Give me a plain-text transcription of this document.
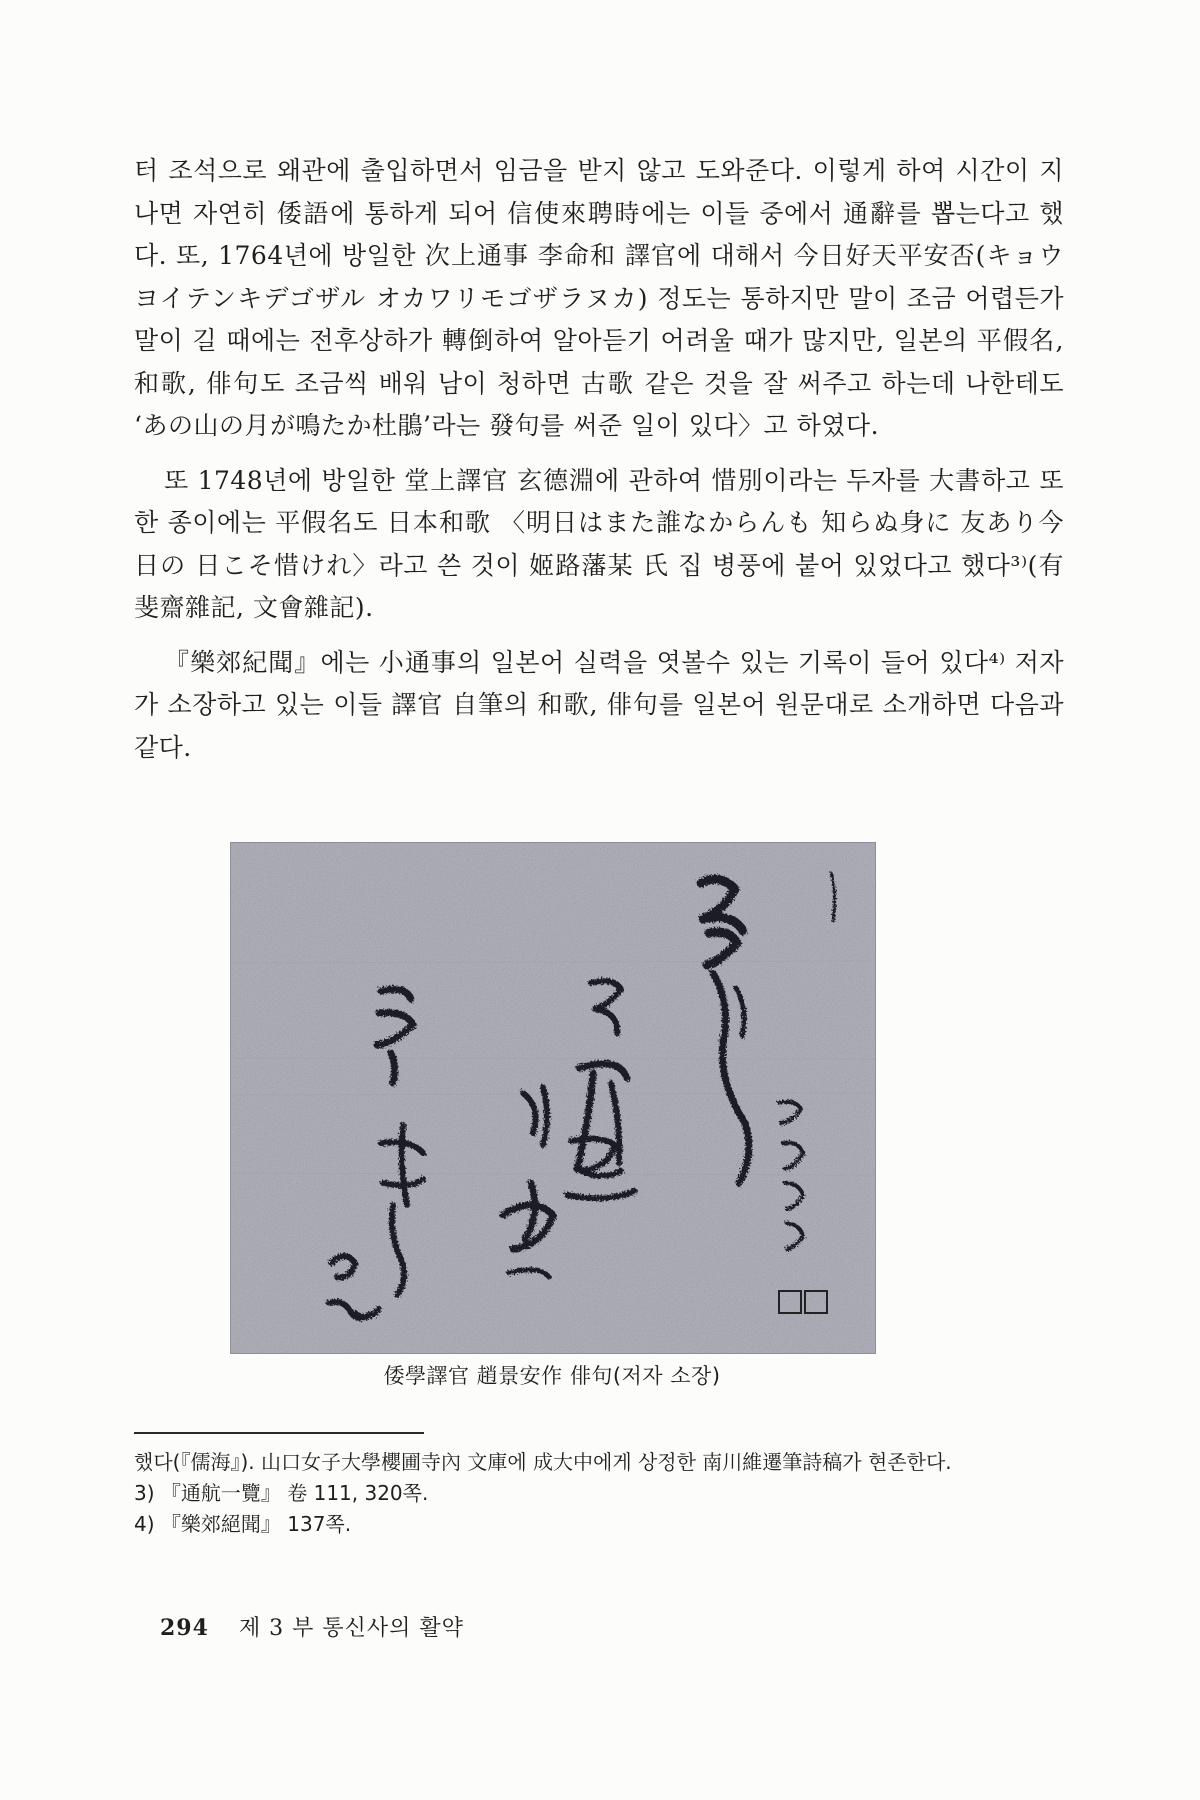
터 조석으로 왜관에 출입하면서 임금을 받지 않고 도와준다. 이렇게 하여 시간이 지나면 자연히 倭語에 통하게 되어 信使來聘時에는 이들 중에서 通辭를 뽑는다고 했다. 또, 1764년에 방일한 次上通事 李命和 譯官에 대해서 今日好天平安否(キョウヨイテンキデゴザル オカワリモゴザラヌカ) 정도는 통하지만 말이 조금 어렵든가 말이 길 때에는 전후상하가 轉倒하여 알아듣기 어려울 때가 많지만, 일본의 平假名, 和歌, 俳句도 조금씩 배워 남이 청하면 古歌 같은 것을 잘 써주고 하는데 나한테도 ‘あの山の月が鳴たか杜鵑’라는 發句를 써준 일이 있다〉고 하였다.

또 1748년에 방일한 堂上譯官 玄德淵에 관하여 惜別이라는 두자를 大書하고 또 한 종이에는 平假名도 日本和歌 〈明日はまた誰なからんも 知らぬ身に 友あり今日の 日こそ惜けれ〉라고 쓴 것이 姬路藩某 氏 집 병풍에 붙어 있었다고 했다³⁾(有斐齋雜記, 文會雜記).

『樂郊紀聞』에는 小通事의 일본어 실력을 엿볼수 있는 기록이 들어 있다⁴⁾ 저자가 소장하고 있는 이들 譯官 自筆의 和歌, 俳句를 일본어 원문대로 소개하면 다음과 같다.

倭學譯官 趙景安作 俳句(저자 소장)

했다(『儒海』). 山口女子大學櫻圃寺內 文庫에 成大中에게 상정한 南川維遷筆詩稿가 현존한다.

3) 『通航一覽』 卷 111, 320쪽.

4) 『樂郊絕聞』 137쪽.

294 제 3 부 통신사의 활약
